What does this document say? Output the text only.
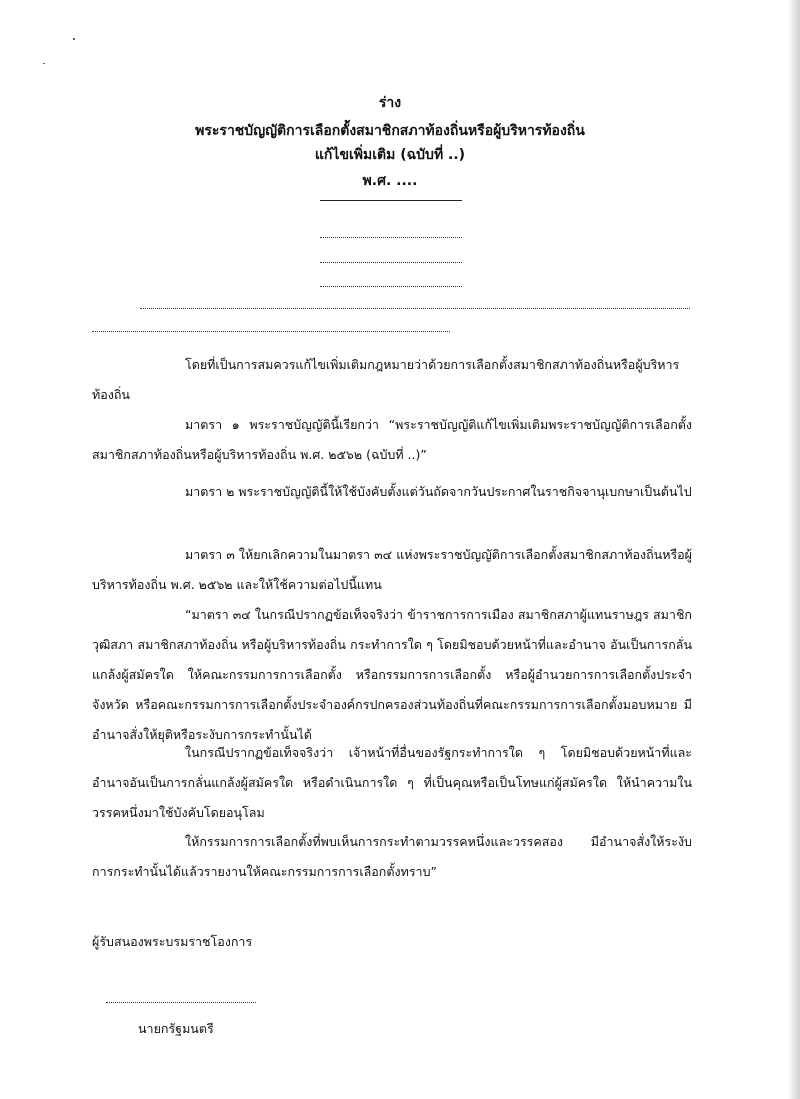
ร่าง
พระราชบัญญัติการเลือกตั้งสมาชิกสภาท้องถิ่นหรือผู้บริหารท้องถิ่น
แก้ไขเพิ่มเติม (ฉบับที่ ..)
พ.ศ. ....
โดยที่เป็นการสมควรแก้ไขเพิ่มเติมกฎหมายว่าด้วยการเลือกตั้งสมาชิกสภาท้องถิ่นหรือผู้บริหารท้องถิ่น
มาตรา ๑ พระราชบัญญัตินี้เรียกว่า “พระราชบัญญัติแก้ไขเพิ่มเติมพระราชบัญญัติการเลือกตั้งสมาชิกสภาท้องถิ่นหรือผู้บริหารท้องถิ่น พ.ศ. ๒๕๖๒ (ฉบับที่ ..)”
มาตรา ๒ พระราชบัญญัตินี้ให้ใช้บังคับตั้งแต่วันถัดจากวันประกาศในราชกิจจานุเบกษาเป็นต้นไป
มาตรา ๓ ให้ยกเลิกความในมาตรา ๓๔ แห่งพระราชบัญญัติการเลือกตั้งสมาชิกสภาท้องถิ่นหรือผู้บริหารท้องถิ่น พ.ศ. ๒๕๖๒ และให้ใช้ความต่อไปนี้แทน
“มาตรา ๓๔ ในกรณีปรากฏข้อเท็จจริงว่า ข้าราชการการเมือง สมาชิกสภาผู้แทนราษฎร สมาชิกวุฒิสภา สมาชิกสภาท้องถิ่น หรือผู้บริหารท้องถิ่น กระทำการใด ๆ โดยมิชอบด้วยหน้าที่และอำนาจ อันเป็นการกลั่นแกล้งผู้สมัครใด ให้คณะกรรมการการเลือกตั้ง หรือกรรมการการเลือกตั้ง หรือผู้อำนวยการการเลือกตั้งประจำจังหวัด หรือคณะกรรมการการเลือกตั้งประจำองค์กรปกครองส่วนท้องถิ่นที่คณะกรรมการการเลือกตั้งมอบหมาย มีอำนาจสั่งให้ยุติหรือระงับการกระทำนั้นได้
ในกรณีปรากฏข้อเท็จจริงว่า เจ้าหน้าที่อื่นของรัฐกระทำการใด ๆ โดยมิชอบด้วยหน้าที่และอำนาจอันเป็นการกลั่นแกล้งผู้สมัครใด หรือดำเนินการใด ๆ ที่เป็นคุณหรือเป็นโทษแก่ผู้สมัครใด ให้นำความในวรรคหนึ่งมาใช้บังคับโดยอนุโลม
ให้กรรมการการเลือกตั้งที่พบเห็นการกระทำตามวรรคหนึ่งและวรรคสอง มีอำนาจสั่งให้ระงับการกระทำนั้นได้แล้วรายงานให้คณะกรรมการการเลือกตั้งทราบ”
ผู้รับสนองพระบรมราชโองการ
นายกรัฐมนตรี
